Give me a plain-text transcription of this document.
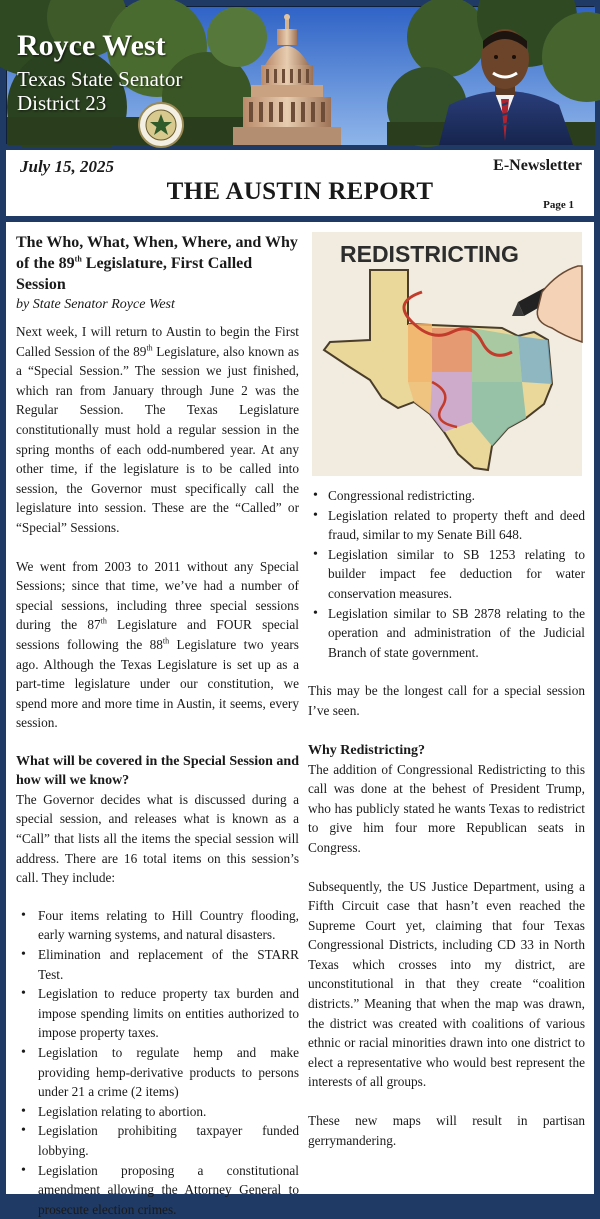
Royce West
Texas State Senator
District 23
July 15, 2025	E-Newsletter
THE AUSTIN REPORT	Page 1
The Who, What, When, Where, and Why of the 89th Legislature, First Called Session
by State Senator Royce West

Next week, I will return to Austin to begin the First Called Session of the 89th Legislature, also known as a “Special Session.” The session we just finished, which ran from January through June 2 was the Regular Session. The Texas Legislature constitutionally must hold a regular session in the spring months of each odd-numbered year. At any other time, if the legislature is to be called into session, the Governor must specifically call the legislature into session. These are the “Called” or “Special” Sessions.

We went from 2003 to 2011 without any Special Sessions; since that time, we’ve had a number of special sessions, including three special sessions during the 87th Legislature and FOUR special sessions following the 88th Legislature two years ago. Although the Texas Legislature is set up as a part-time legislature under our constitution, we spend more and more time in Austin, it seems, every session.

What will be covered in the Special Session and how will we know?

The Governor decides what is discussed during a special session, and releases what is known as a “Call” that lists all the items the special session will address. There are 16 total items on this session’s call. They include:

• Four items relating to Hill Country flooding, early warning systems, and natural disasters.
• Elimination and replacement of the STARR Test.
• Legislation to reduce property tax burden and impose spending limits on entities authorized to impose property taxes.
• Legislation to regulate hemp and make providing hemp-derivative products to persons under 21 a crime (2 items)
• Legislation relating to abortion.
• Legislation prohibiting taxpayer funded lobbying.
• Legislation proposing a constitutional amendment allowing the Attorney General to prosecute election crimes.
REDISTRICTING
• Congressional redistricting.
• Legislation related to property theft and deed fraud, similar to my Senate Bill 648.
• Legislation similar to SB 1253 relating to builder impact fee deduction for water conservation measures.
• Legislation similar to SB 2878 relating to the operation and administration of the Judicial Branch of state government.

This may be the longest call for a special session I’ve seen.

Why Redistricting?

The addition of Congressional Redistricting to this call was done at the behest of President Trump, who has publicly stated he wants Texas to redistrict to give him four more Republican seats in Congress.

Subsequently, the US Justice Department, using a Fifth Circuit case that hasn’t even reached the Supreme Court yet, claiming that four Texas Congressional Districts, including CD 33 in North Texas which crosses into my district, are unconstitutional in that they create “coalition districts.” Meaning that when the map was drawn, the district was created with coalitions of various ethnic or racial minorities drawn into one district to elect a representative who would best represent the interests of all groups.

These new maps will result in partisan gerrymandering.
